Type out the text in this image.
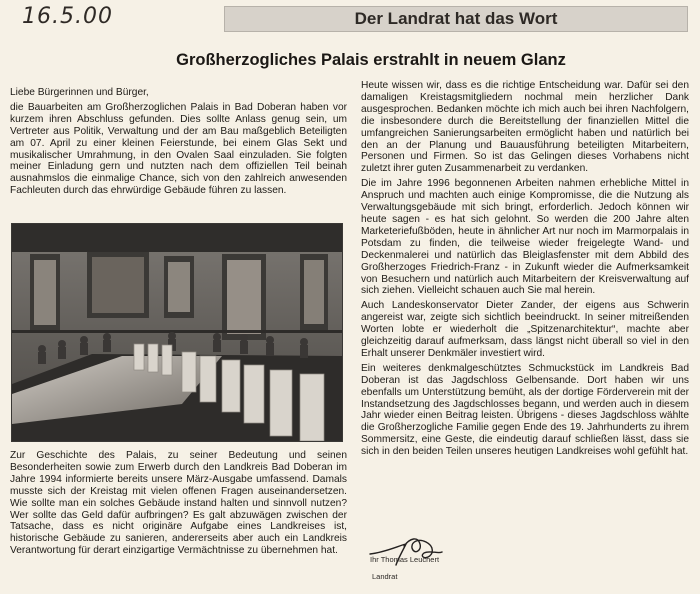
16.5.00	Der Landrat hat das Wort
Großherzogliches Palais erstrahlt in neuem Glanz

Liebe Bürgerinnen und Bürger,

die Bauarbeiten am Großherzoglichen Palais in Bad Doberan haben vor kurzem ihren Abschluss gefunden. Dies sollte Anlass genug sein, um Vertreter aus Politik, Verwaltung und der am Bau maßgeblich Beteiligten am 07. April zu einer kleinen Feierstunde, bei einem Glas Sekt und musikalischer Umrahmung, in den Ovalen Saal einzuladen. Sie folgten meiner Einladung gern und nutzten nach dem offiziellen Teil beinah ausnahmslos die einmalige Chance, sich von den zahlreich anwesenden Fachleuten durch das ehrwürdige Gebäude führen zu lassen.

Zur Geschichte des Palais, zu seiner Bedeutung und seinen Besonderheiten sowie zum Erwerb durch den Landkreis Bad Doberan im Jahre 1994 informierte bereits unsere März-Ausgabe umfassend. Damals musste sich der Kreistag mit vielen offenen Fragen auseinandersetzen. Wie sollte man ein solches Gebäude instand halten und sinnvoll nutzen? Wer sollte das Geld dafür aufbringen? Es galt abzuwägen zwischen der Tatsache, dass es nicht originäre Aufgabe eines Landkreises ist, historische Gebäude zu sanieren, andererseits aber auch ein Landkreis Verantwortung für derart einzigartige Vermächtnisse zu übernehmen hat.

Heute wissen wir, dass es die richtige Entscheidung war. Dafür sei den damaligen Kreistagsmitgliedern nochmal mein herzlicher Dank ausgesprochen. Bedanken möchte ich mich auch bei ihren Nachfolgern, die insbesondere durch die Bereitstellung der finanziellen Mittel die umfangreichen Sanierungsarbeiten ermöglicht haben und natürlich bei den an der Planung und Bauausführung beteiligten Mitarbeitern, Personen und Firmen. So ist das Gelingen dieses Vorhabens nicht zuletzt ihrer guten Zusammenarbeit zu verdanken.

Die im Jahre 1996 begonnenen Arbeiten nahmen erhebliche Mittel in Anspruch und machten auch einige Kompromisse, die die Nutzung als Verwaltungsgebäude mit sich bringt, erforderlich. Jedoch können wir heute sagen - es hat sich gelohnt. So werden die 200 Jahre alten Marketeriefußböden, heute in ähnlicher Art nur noch im Marmorpalais in Potsdam zu finden, die teilweise wieder freigelegte Wand- und Deckenmalerei und natürlich das Bleiglasfenster mit dem Abbild des Großherzoges Friedrich-Franz - in Zukunft wieder die Aufmerksamkeit von Besuchern und natürlich auch Mitarbeitern der Kreisverwaltung auf sich ziehen. Vielleicht schauen auch Sie mal herein.

Auch Landeskonservator Dieter Zander, der eigens aus Schwerin angereist war, zeigte sich sichtlich beeindruckt. In seiner mitreißenden Worten lobte er wiederholt die „Spitzenarchitektur“, machte aber gleichzeitig darauf aufmerksam, dass längst nicht überall so viel in den Erhalt unserer Denkmäler investiert wird.

Ein weiteres denkmalgeschütztes Schmuckstück im Landkreis Bad Doberan ist das Jagdschloss Gelbensande. Dort haben wir uns ebenfalls um Unterstützung bemüht, als der dortige Förderverein mit der Instandsetzung des Jagdschlosses begann, und werden auch in diesem Jahr wieder einen Beitrag leisten. Übrigens - dieses Jagdschloss wählte die Großherzogliche Familie gegen Ende des 19. Jahrhunderts zu ihrem Sommersitz, eine Geste, die eindeutig darauf schließen lässt, dass sie sich in den beiden Teilen unseres heutigen Landkreises wohl gefühlt hat.

Ihr Thomas Leuchert
Landrat
